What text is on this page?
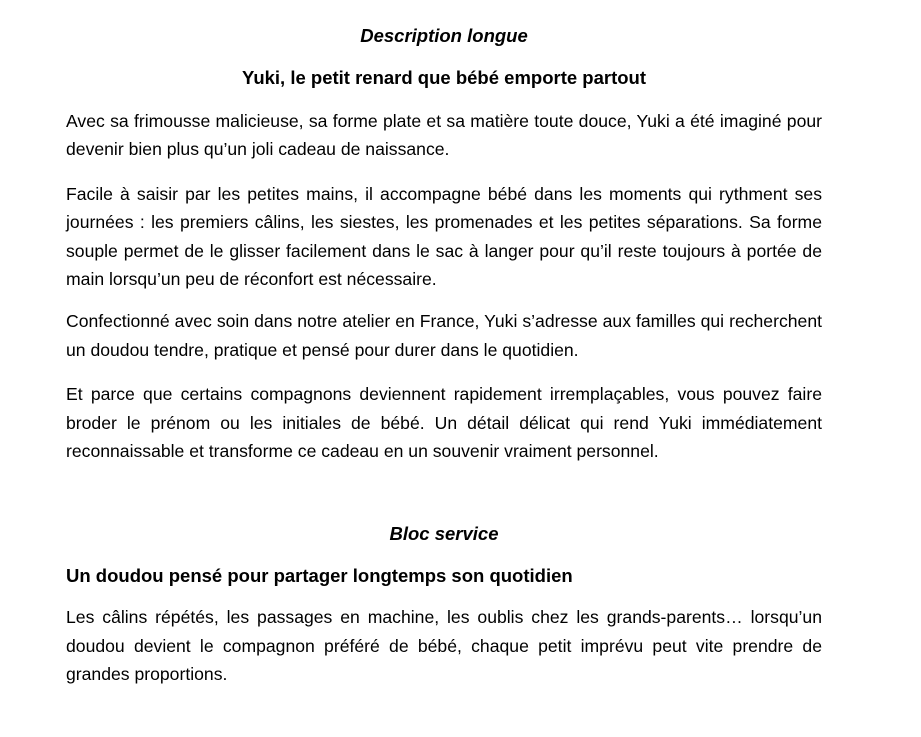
Description longue

Yuki, le petit renard que bébé emporte partout

Avec sa frimousse malicieuse, sa forme plate et sa matière toute douce, Yuki a été imaginé pour devenir bien plus qu’un joli cadeau de naissance.

Facile à saisir par les petites mains, il accompagne bébé dans les moments qui rythment ses journées : les premiers câlins, les siestes, les promenades et les petites séparations. Sa forme souple permet de le glisser facilement dans le sac à langer pour qu’il reste toujours à portée de main lorsqu’un peu de réconfort est nécessaire.

Confectionné avec soin dans notre atelier en France, Yuki s’adresse aux familles qui recherchent un doudou tendre, pratique et pensé pour durer dans le quotidien.

Et parce que certains compagnons deviennent rapidement irremplaçables, vous pouvez faire broder le prénom ou les initiales de bébé. Un détail délicat qui rend Yuki immédiatement reconnaissable et transforme ce cadeau en un souvenir vraiment personnel.

Bloc service

Un doudou pensé pour partager longtemps son quotidien

Les câlins répétés, les passages en machine, les oublis chez les grands-parents… lorsqu’un doudou devient le compagnon préféré de bébé, chaque petit imprévu peut vite prendre de grandes proportions.
